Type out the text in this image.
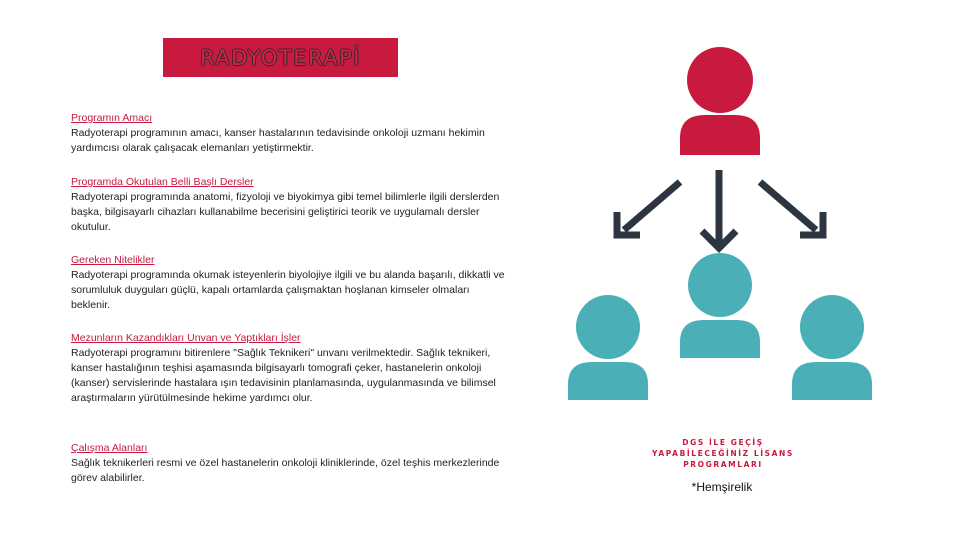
RADYOTERAPİ
Programın Amacı
Radyoterapi programının amacı, kanser hastalarının tedavisinde onkoloji uzmanı hekimin yardımcısı olarak çalışacak elemanları yetiştirmektir.
Programda Okutulan Belli Başlı Dersler
Radyoterapi programında anatomi, fizyoloji ve biyokimya gibi temel bilimlerle ilgili derslerden başka, bilgisayarlı cihazları kullanabilme becerisini geliştirici teorik ve uygulamalı dersler okutulur.
Gereken Nitelikler
Radyoterapi programında okumak isteyenlerin biyolojiye ilgili ve bu alanda başarılı, dikkatli ve sorumluluk duyguları güçlü, kapalı ortamlarda çalışmaktan hoşlanan kimseler olmaları beklenir.
Mezunların Kazandıkları Unvan ve Yaptıkları İşler
Radyoterapi programını bitirenlere "Sağlık Teknikeri" unvanı verilmektedir. Sağlık teknikeri, kanser hastalığının teşhisi aşamasında bilgisayarlı tomografi çeker, hastanelerin onkoloji (kanser) servislerinde hastalara ışın tedavisinin planlamasında, uygulanmasında ve bilimsel araştırmaların yürütülmesinde hekime yardımcı olur.
Çalışma Alanları
Sağlık teknikerleri resmi ve özel hastanelerin onkoloji kliniklerinde, özel teşhis merkezlerinde görev alabilirler.
DGS İLE GEÇİŞ
YAPABİLECEĞİNİZ LİSANS
PROGRAMLARI
*Hemşirelik
